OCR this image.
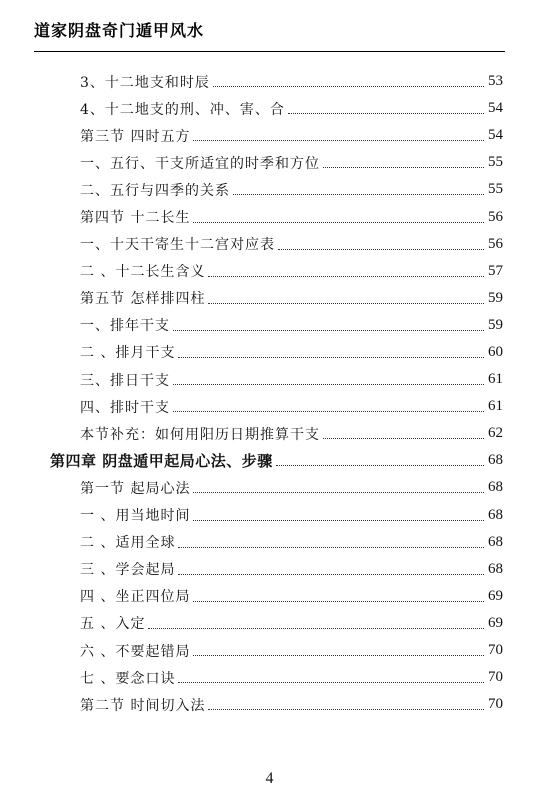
道家阴盘奇门遁甲风水
3、十二地支和时辰	53
4、十二地支的刑、冲、害、合	54
第三节 四时五方	54
一、五行、干支所适宜的时季和方位	55
二、五行与四季的关系	55
第四节 十二长生	56
一、十天干寄生十二宫对应表	56
二 、十二长生含义	57
第五节 怎样排四柱	59
一、排年干支	59
二 、排月干支	60
三、排日干支	61
四、排时干支	61
本节补充：如何用阳历日期推算干支	62
第四章 阴盘遁甲起局心法、步骤	68
第一节 起局心法	68
一 、用当地时间	68
二 、适用全球	68
三 、学会起局	68
四 、坐正四位局	69
五 、入定	69
六 、不要起错局	70
七 、要念口诀	70
第二节 时间切入法	70
4
